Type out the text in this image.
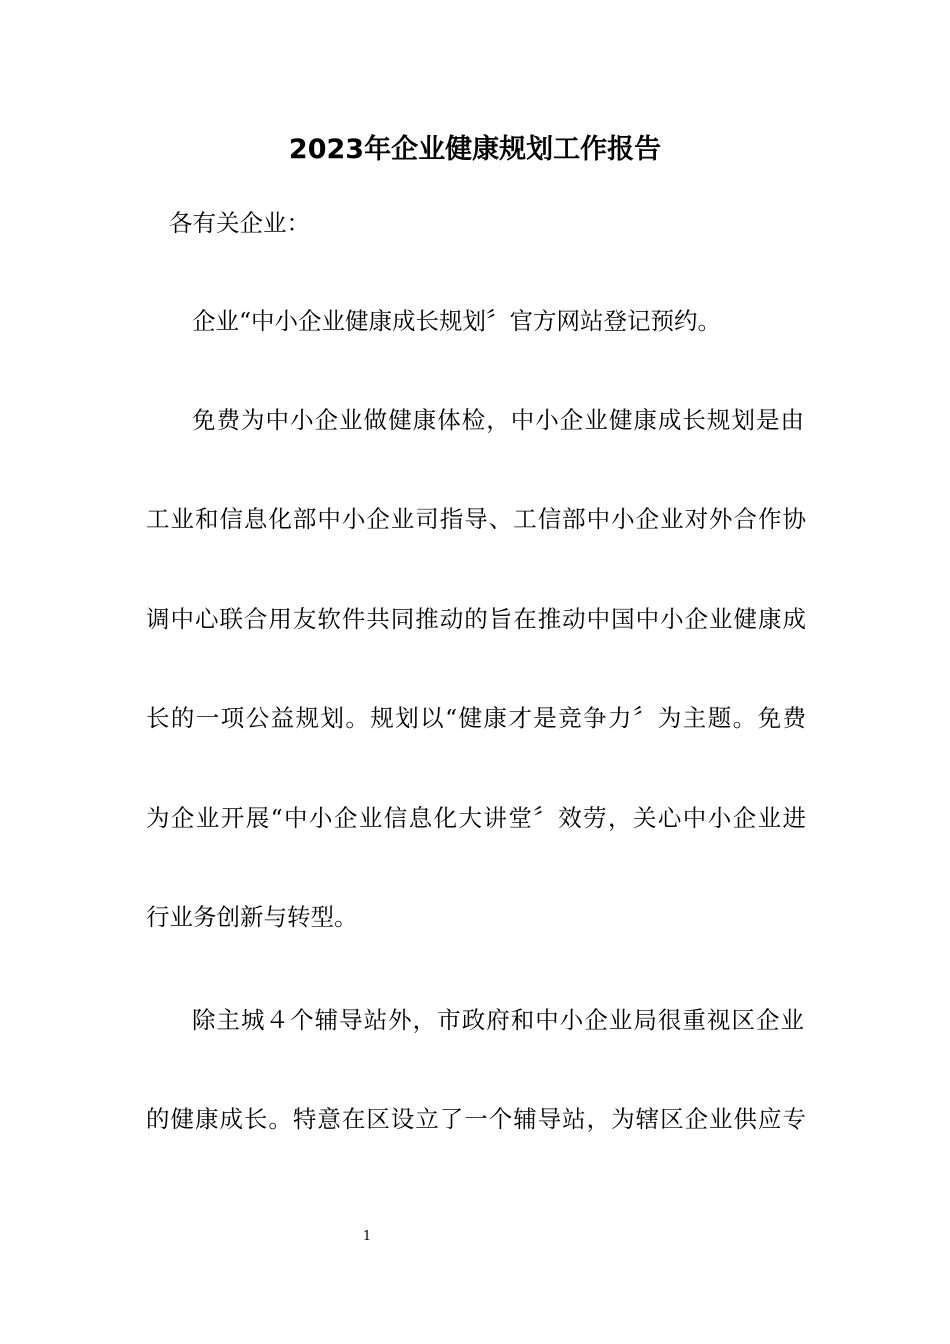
2023年企业健康规划工作报告

各有关企业：

企业“中小企业健康成长规划〞官方网站登记预约。

免费为中小企业做健康体检，中小企业健康成长规划是由

工业和信息化部中小企业司指导、工信部中小企业对外合作协

调中心联合用友软件共同推动的旨在推动中国中小企业健康成

长的一项公益规划。规划以“健康才是竞争力〞为主题。免费

为企业开展“中小企业信息化大讲堂〞效劳，关心中小企业进

行业务创新与转型。

除主城４个辅导站外，市政府和中小企业局很重视区企业

的健康成长。特意在区设立了一个辅导站，为辖区企业供应专

1
